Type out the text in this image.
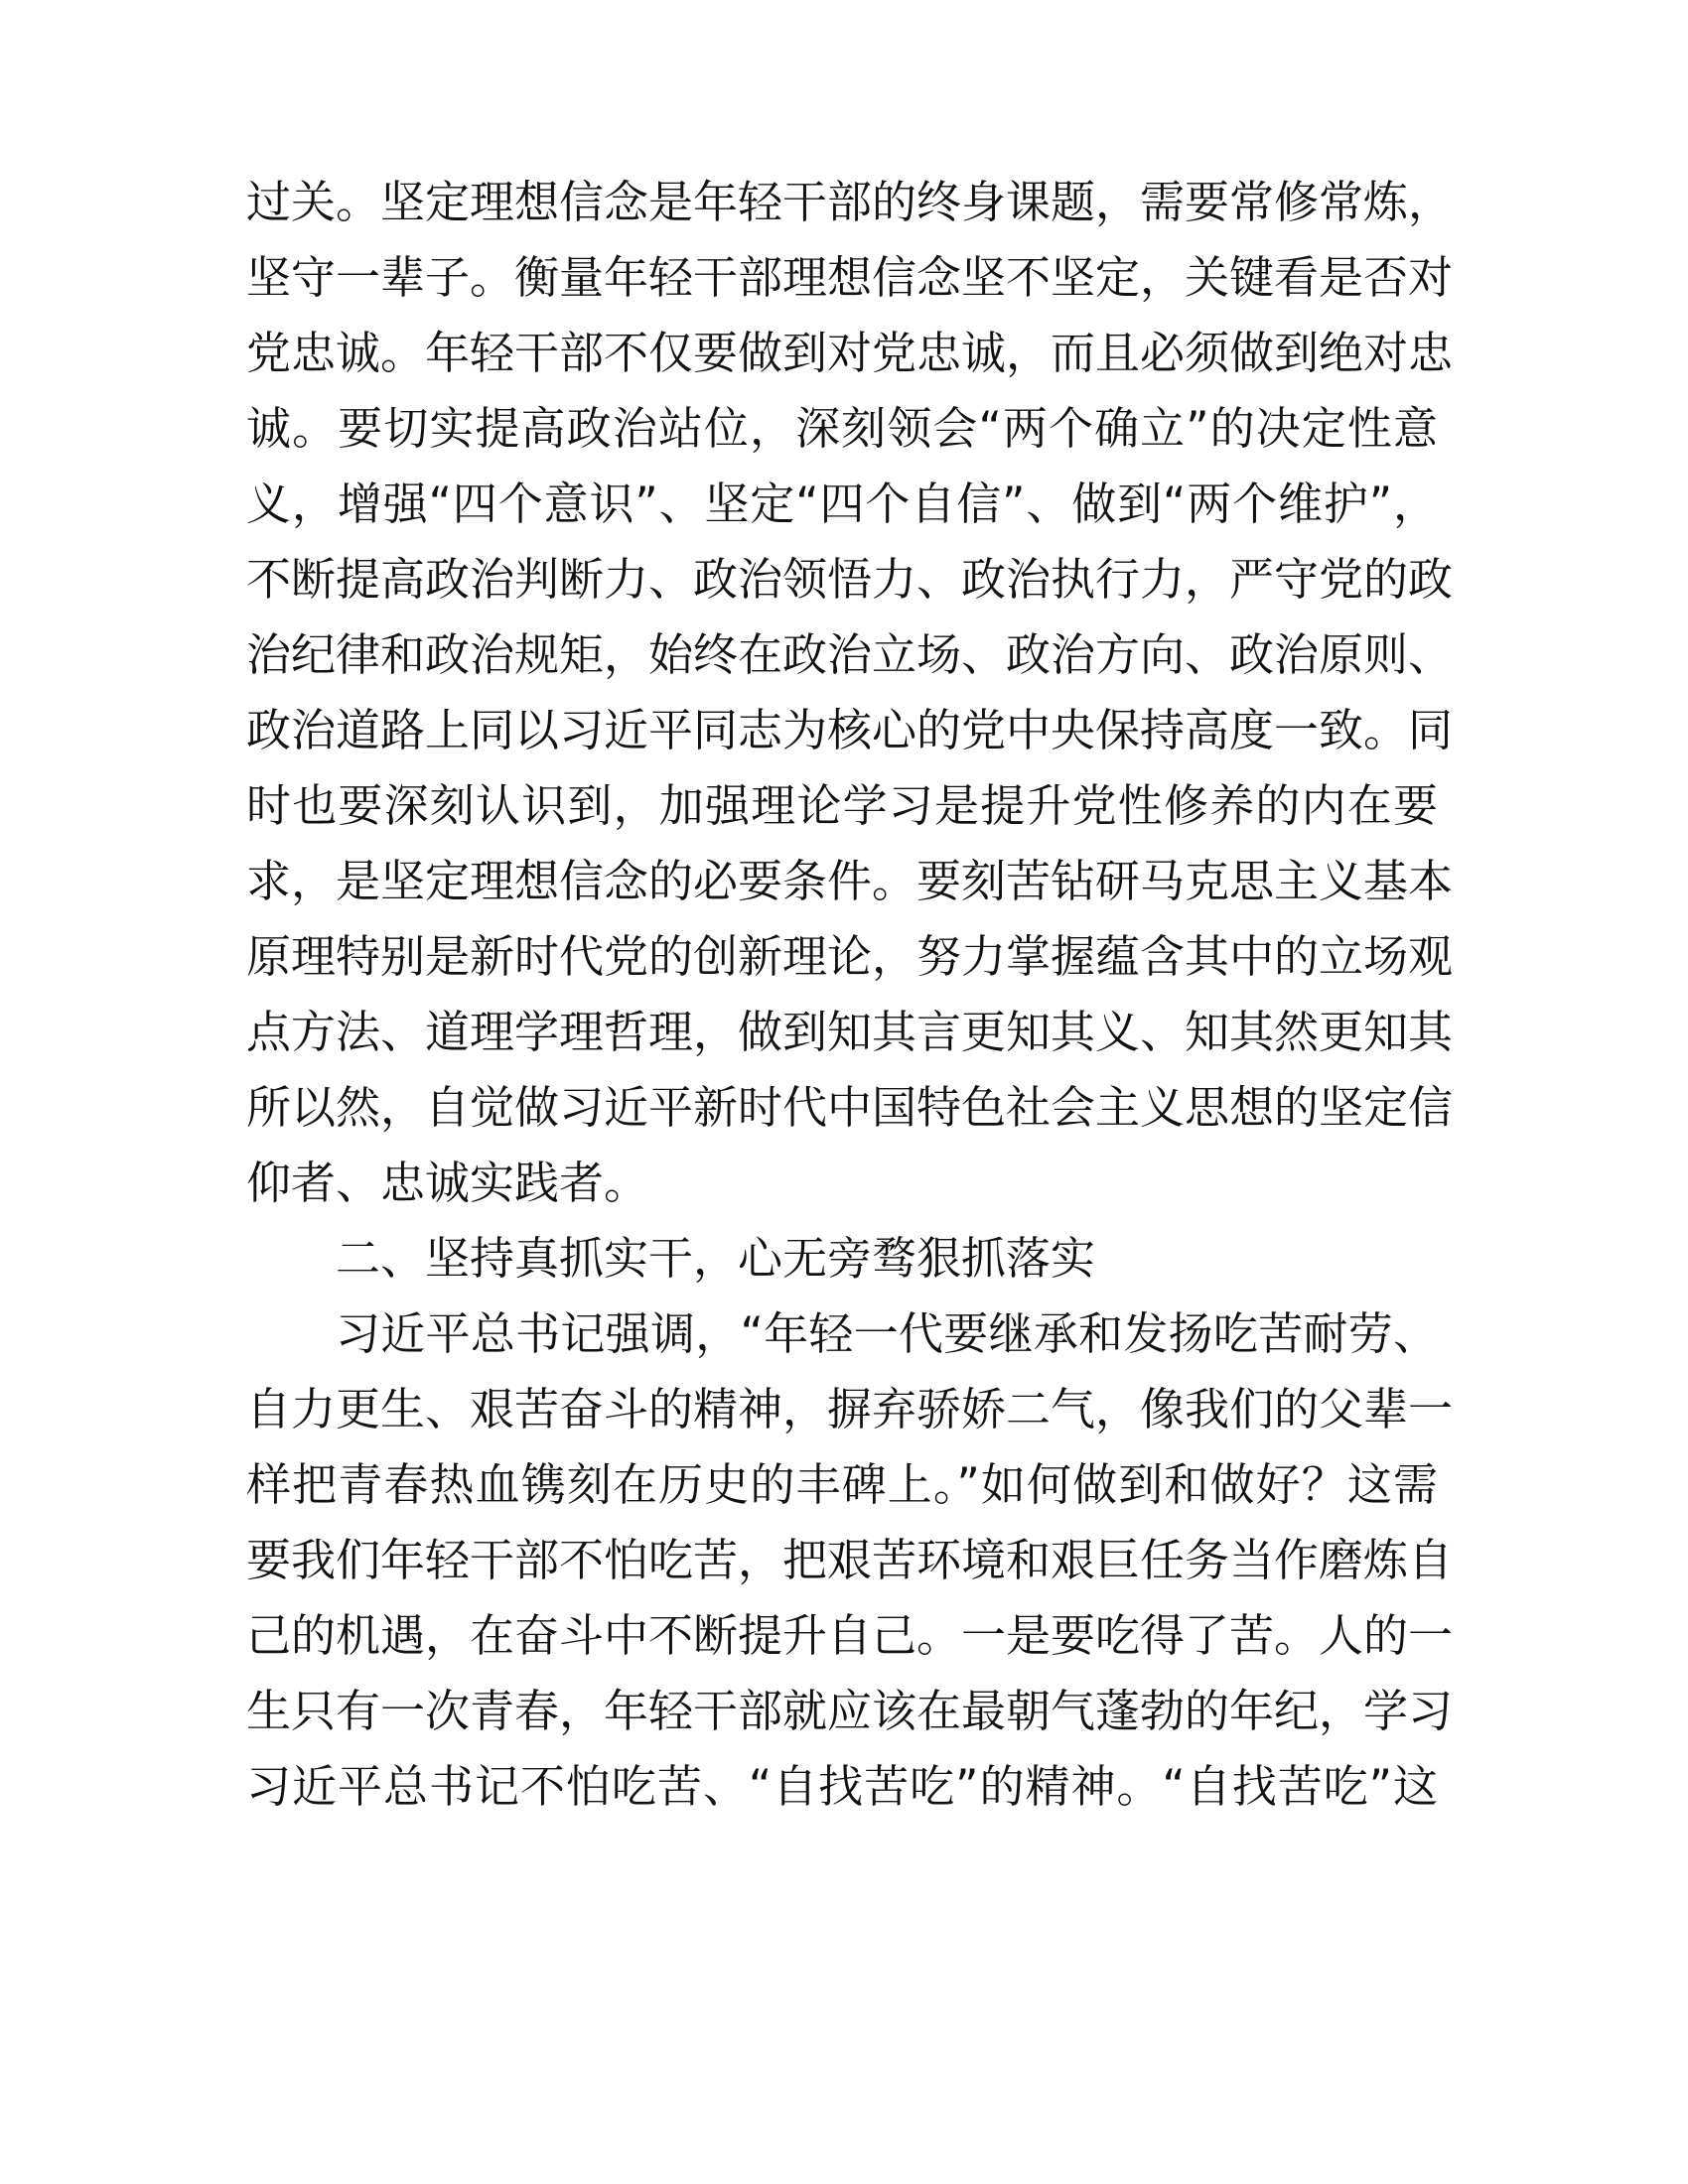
过关。坚定理想信念是年轻干部的终身课题，需要常修常炼，
坚守一辈子。衡量年轻干部理想信念坚不坚定，关键看是否对
党忠诚。年轻干部不仅要做到对党忠诚，而且必须做到绝对忠
诚。要切实提高政治站位，深刻领会“两个确立”的决定性意
义，增强“四个意识”、坚定“四个自信”、做到“两个维护”，
不断提高政治判断力、政治领悟力、政治执行力，严守党的政
治纪律和政治规矩，始终在政治立场、政治方向、政治原则、
政治道路上同以习近平同志为核心的党中央保持高度一致。同
时也要深刻认识到，加强理论学习是提升党性修养的内在要
求，是坚定理想信念的必要条件。要刻苦钻研马克思主义基本
原理特别是新时代党的创新理论，努力掌握蕴含其中的立场观
点方法、道理学理哲理，做到知其言更知其义、知其然更知其
所以然，自觉做习近平新时代中国特色社会主义思想的坚定信
仰者、忠诚实践者。
二、坚持真抓实干，心无旁骛狠抓落实
习近平总书记强调，“年轻一代要继承和发扬吃苦耐劳、
自力更生、艰苦奋斗的精神，摒弃骄娇二气，像我们的父辈一
样把青春热血镌刻在历史的丰碑上。”如何做到和做好？这需
要我们年轻干部不怕吃苦，把艰苦环境和艰巨任务当作磨炼自
己的机遇，在奋斗中不断提升自己。一是要吃得了苦。人的一
生只有一次青春，年轻干部就应该在最朝气蓬勃的年纪，学习
习近平总书记不怕吃苦、“自找苦吃”的精神。“自找苦吃”这
